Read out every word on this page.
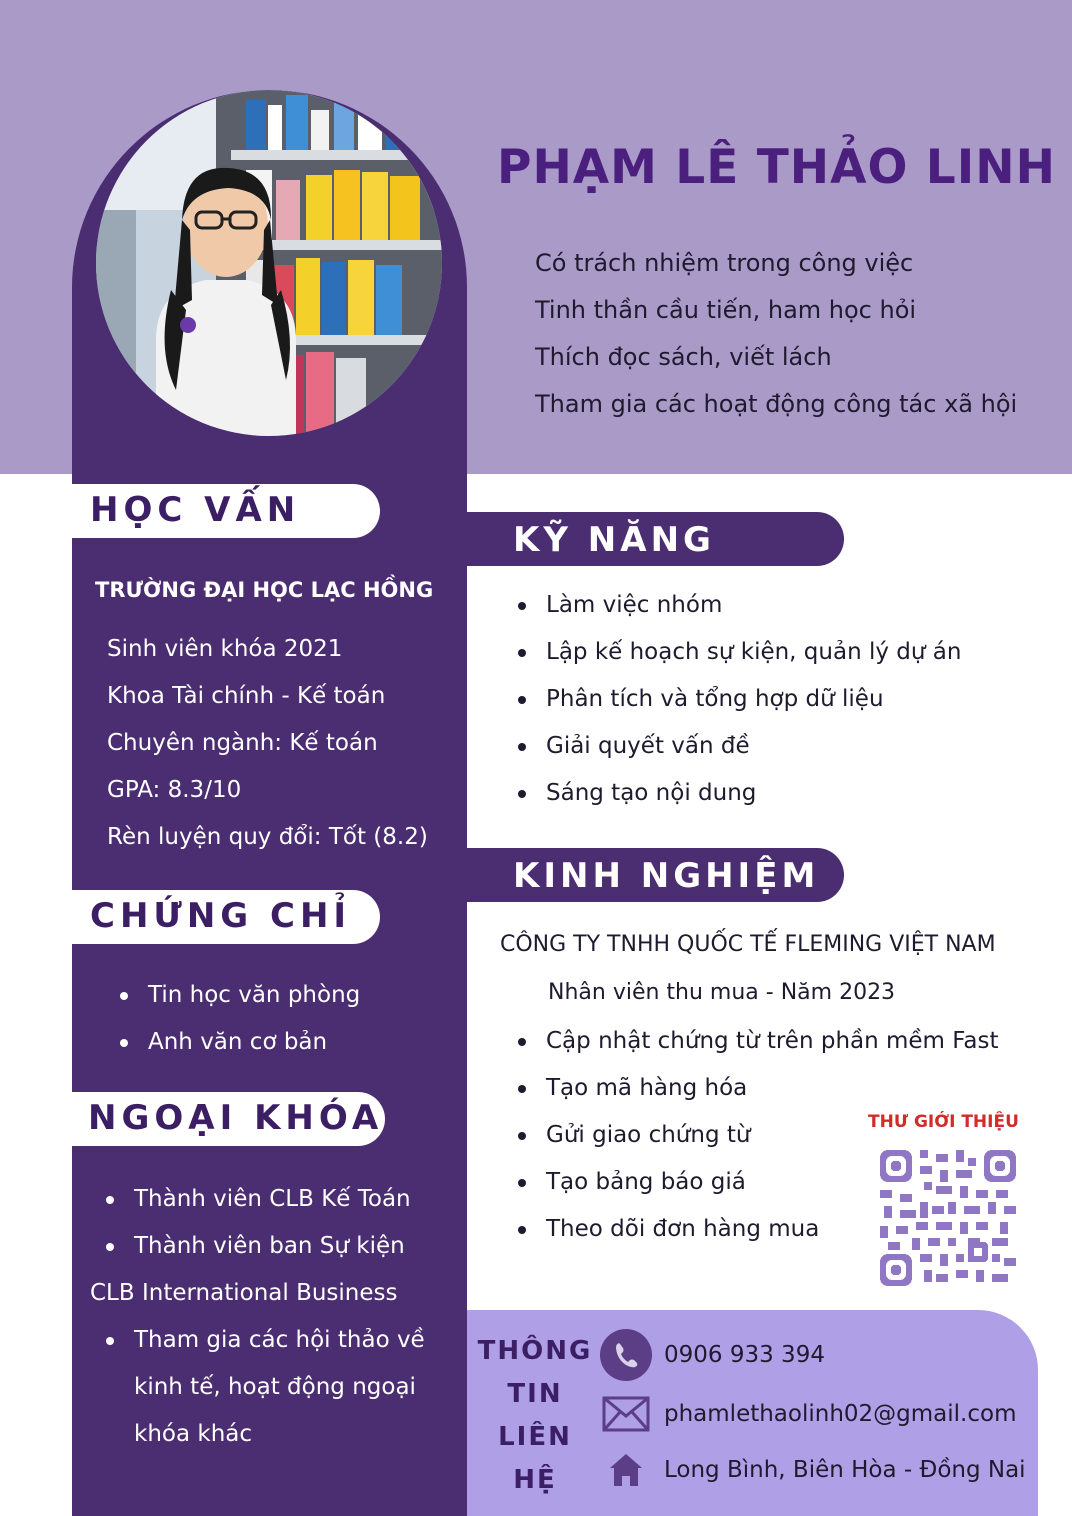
PHẠM LÊ THẢO LINH
Có trách nhiệm trong công việc
Tinh thần cầu tiến, ham học hỏi
Thích đọc sách, viết lách
Tham gia các hoạt động công tác xã hội
HỌC VẤN
TRƯỜNG ĐẠI HỌC LẠC HỒNG
Sinh viên khóa 2021
Khoa Tài chính - Kế toán
Chuyên ngành: Kế toán
GPA: 8.3/10
Rèn luyện quy đổi: Tốt (8.2)
CHỨNG CHỈ
Tin học văn phòng
Anh văn cơ bản
NGOẠI KHÓA
Thành viên CLB Kế Toán
Thành viên ban Sự kiện
CLB International Business
Tham gia các hội thảo về
kinh tế, hoạt động ngoại
khóa khác
KỸ NĂNG
Làm việc nhóm
Lập kế hoạch sự kiện, quản lý dự án
Phân tích và tổng hợp dữ liệu
Giải quyết vấn đề
Sáng tạo nội dung
KINH NGHIỆM
CÔNG TY TNHH QUỐC TẾ FLEMING VIỆT NAM
Nhân viên thu mua - Năm 2023
Cập nhật chứng từ trên phần mềm Fast
Tạo mã hàng hóa
Gửi giao chứng từ
Tạo bảng báo giá
Theo dõi đơn hàng mua
THƯ GIỚI THIỆU
THÔNG
TIN
LIÊN
HỆ
0906 933 394
phamlethaolinh02@gmail.com
Long Bình, Biên Hòa - Đồng Nai
